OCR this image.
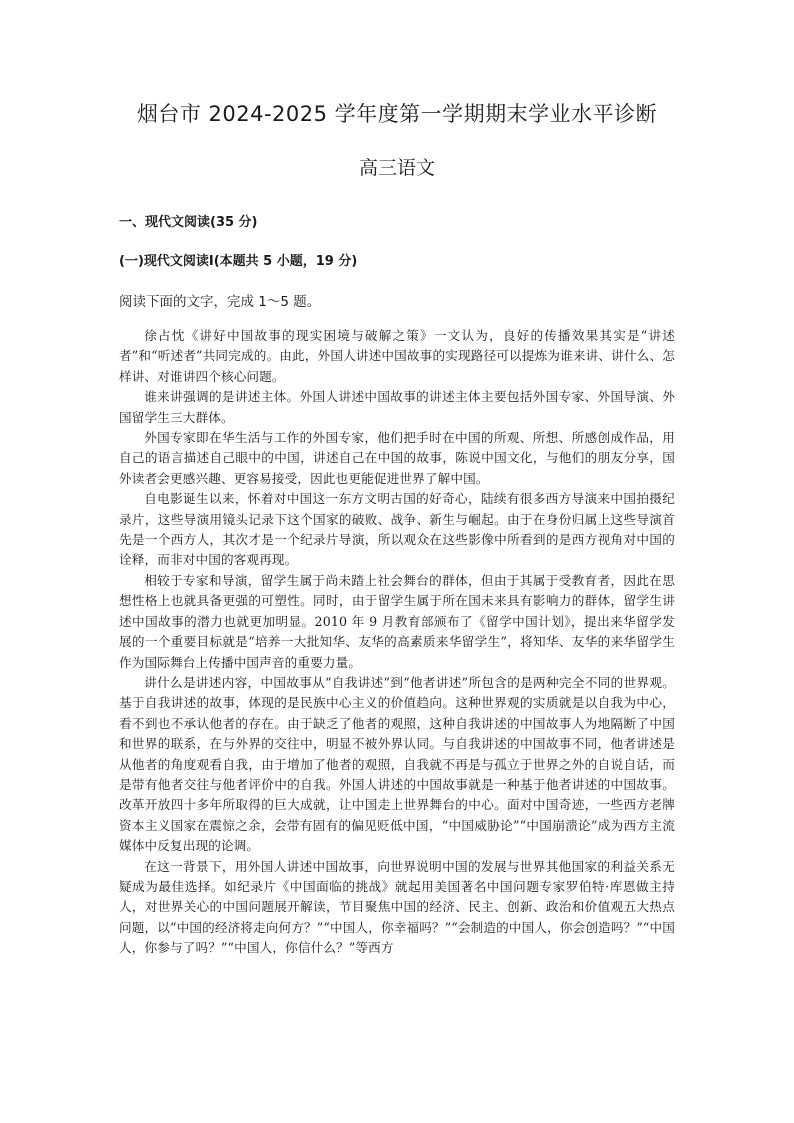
烟台市 2024-2025 学年度第一学期期末学业水平诊断
高三语文
一、现代文阅读(35 分)
(一)现代文阅读Ⅰ(本题共 5 小题，19 分)
阅读下面的文字，完成 1～5 题。

徐占忱《讲好中国故事的现实困境与破解之策》一文认为，良好的传播效果其实是“讲述者”和“听述者”共同完成的。由此，外国人讲述中国故事的实现路径可以提炼为谁来讲、讲什么、怎样讲、对谁讲四个核心问题。

谁来讲强调的是讲述主体。外国人讲述中国故事的讲述主体主要包括外国专家、外国导演、外国留学生三大群体。

外国专家即在华生活与工作的外国专家，他们把手时在中国的所观、所想、所感创成作品，用自己的语言描述自己眼中的中国，讲述自己在中国的故事，陈说中国文化，与他们的朋友分享，国外读者会更感兴趣、更容易接受，因此也更能促进世界了解中国。

自电影诞生以来，怀着对中国这一东方文明古国的好奇心，陆续有很多西方导演来中国拍摄纪录片，这些导演用镜头记录下这个国家的破败、战争、新生与崛起。由于在身份归属上这些导演首先是一个西方人，其次才是一个纪录片导演，所以观众在这些影像中所看到的是西方视角对中国的诠释，而非对中国的客观再现。

相较于专家和导演，留学生属于尚未踏上社会舞台的群体，但由于其属于受教育者，因此在思想性格上也就具备更强的可塑性。同时，由于留学生属于所在国未来具有影响力的群体，留学生讲述中国故事的潜力也就更加明显。2010 年 9 月教育部颁布了《留学中国计划》，提出来华留学发展的一个重要目标就是“培养一大批知华、友华的高素质来华留学生”，将知华、友华的来华留学生作为国际舞台上传播中国声音的重要力量。

讲什么是讲述内容，中国故事从“自我讲述”到“他者讲述”所包含的是两种完全不同的世界观。基于自我讲述的故事，体现的是民族中心主义的价值趋向。这种世界观的实质就是以自我为中心，看不到也不承认他者的存在。由于缺乏了他者的观照，这种自我讲述的中国故事人为地隔断了中国和世界的联系，在与外界的交往中，明显不被外界认同。与自我讲述的中国故事不同，他者讲述是从他者的角度观看自我，由于增加了他者的观照，自我就不再是与孤立于世界之外的自说自话，而是带有他者交往与他者评价中的自我。外国人讲述的中国故事就是一种基于他者讲述的中国故事。改革开放四十多年所取得的巨大成就，让中国走上世界舞台的中心。面对中国奇迹，一些西方老牌资本主义国家在震惊之余，会带有固有的偏见贬低中国，“中国威胁论”“中国崩溃论”成为西方主流媒体中反复出现的论调。

在这一背景下，用外国人讲述中国故事，向世界说明中国的发展与世界其他国家的利益关系无疑成为最佳选择。如纪录片《中国面临的挑战》就起用美国著名中国问题专家罗伯特·库恩做主持人，对世界关心的中国问题展开解读，节目聚焦中国的经济、民主、创新、政治和价值观五大热点问题，以“中国的经济将走向何方？”“中国人，你幸福吗？”“会制造的中国人，你会创造吗？”“中国人，你参与了吗？”“中国人，你信什么？”等西方
